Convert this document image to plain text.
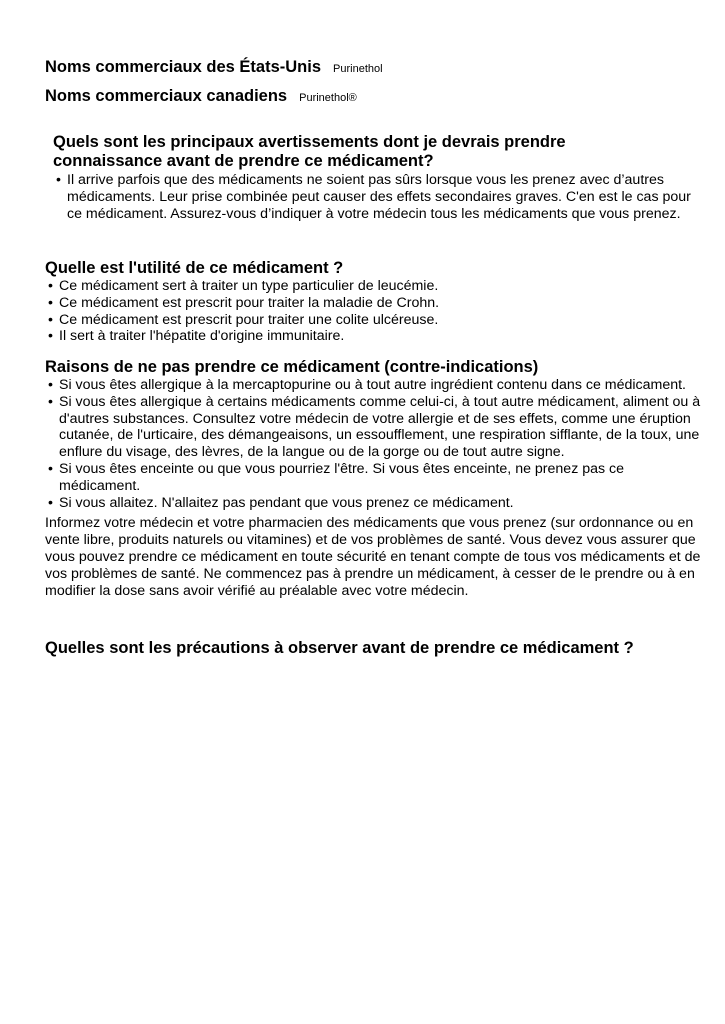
Noms commerciaux des États-Unis Purinethol
Noms commerciaux canadiens Purinethol®
Quels sont les principaux avertissements dont je devrais prendre
connaissance avant de prendre ce médicament?
• Il arrive parfois que des médicaments ne soient pas sûrs lorsque vous les prenez avec d’autres médicaments. Leur prise combinée peut causer des effets secondaires graves. C'en est le cas pour ce médicament. Assurez-vous d’indiquer à votre médecin tous les médicaments que vous prenez.
Quelle est l'utilité de ce médicament ?
• Ce médicament sert à traiter un type particulier de leucémie.
• Ce médicament est prescrit pour traiter la maladie de Crohn.
• Ce médicament est prescrit pour traiter une colite ulcéreuse.
• Il sert à traiter l'hépatite d'origine immunitaire.
Raisons de ne pas prendre ce médicament (contre-indications)
• Si vous êtes allergique à la mercaptopurine ou à tout autre ingrédient contenu dans ce médicament.
• Si vous êtes allergique à certains médicaments comme celui-ci, à tout autre médicament, aliment ou à d'autres substances. Consultez votre médecin de votre allergie et de ses effets, comme une éruption cutanée, de l'urticaire, des démangeaisons, un essoufflement, une respiration sifflante, de la toux, une enflure du visage, des lèvres, de la langue ou de la gorge ou de tout autre signe.
• Si vous êtes enceinte ou que vous pourriez l'être. Si vous êtes enceinte, ne prenez pas ce médicament.
• Si vous allaitez. N'allaitez pas pendant que vous prenez ce médicament.

Informez votre médecin et votre pharmacien des médicaments que vous prenez (sur ordonnance ou en vente libre, produits naturels ou vitamines) et de vos problèmes de santé. Vous devez vous assurer que vous pouvez prendre ce médicament en toute sécurité en tenant compte de tous vos médicaments et de vos problèmes de santé. Ne commencez pas à prendre un médicament, à cesser de le prendre ou à en modifier la dose sans avoir vérifié au préalable avec votre médecin.

Quelles sont les précautions à observer avant de prendre ce médicament ?
